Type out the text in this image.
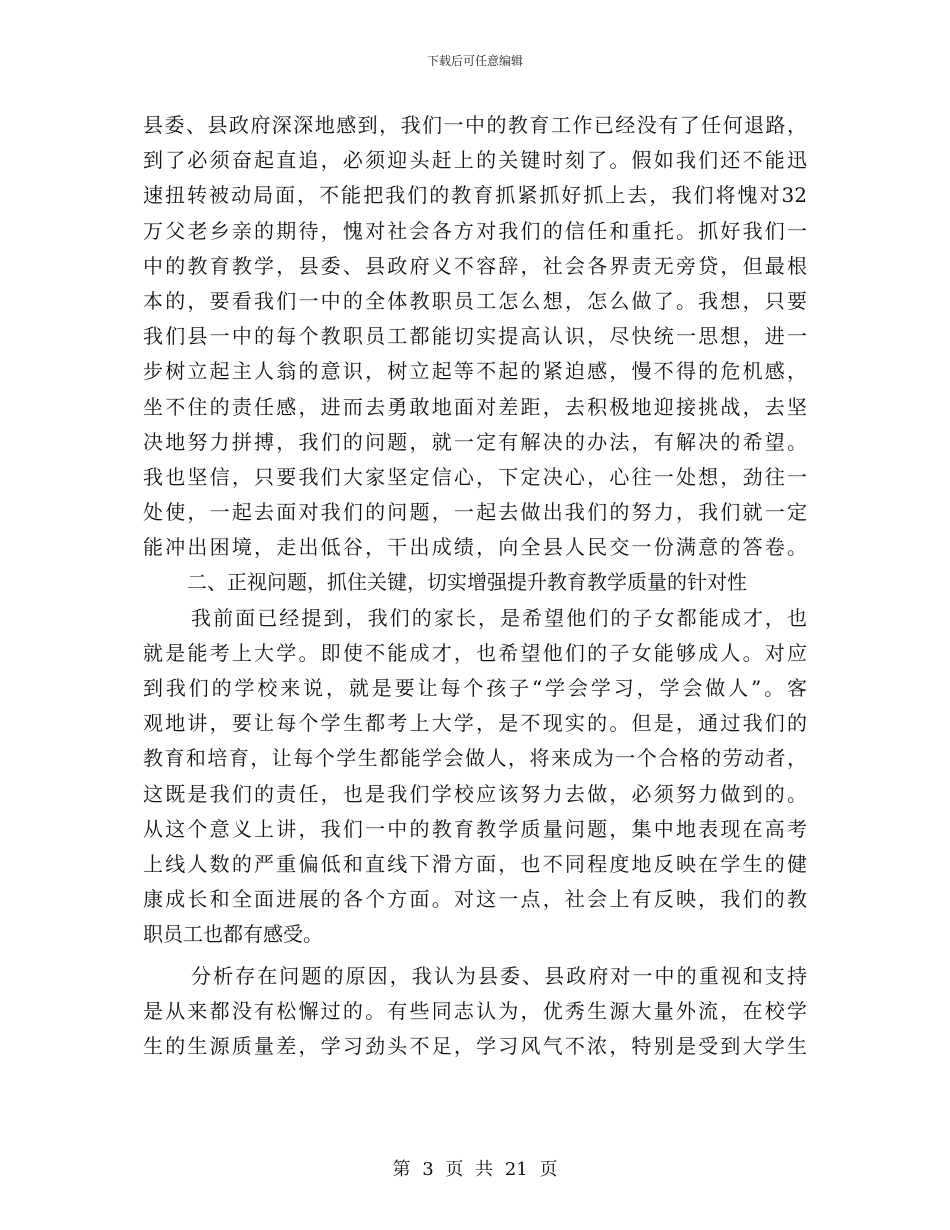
下载后可任意编辑
县委、县政府深深地感到，我们一中的教育工作已经没有了任何退路，
到了必须奋起直追，必须迎头赶上的关键时刻了。假如我们还不能迅
速扭转被动局面，不能把我们的教育抓紧抓好抓上去，我们将愧对32
万父老乡亲的期待，愧对社会各方对我们的信任和重托。抓好我们一
中的教育教学，县委、县政府义不容辞，社会各界责无旁贷，但最根
本的，要看我们一中的全体教职员工怎么想，怎么做了。我想，只要
我们县一中的每个教职员工都能切实提高认识，尽快统一思想，进一
步树立起主人翁的意识，树立起等不起的紧迫感，慢不得的危机感，
坐不住的责任感，进而去勇敢地面对差距，去积极地迎接挑战，去坚
决地努力拼搏，我们的问题，就一定有解决的办法，有解决的希望。
我也坚信，只要我们大家坚定信心，下定决心，心往一处想，劲往一
处使，一起去面对我们的问题，一起去做出我们的努力，我们就一定
能冲出困境，走出低谷，干出成绩，向全县人民交一份满意的答卷。
二、正视问题，抓住关键，切实增强提升教育教学质量的针对性
我前面已经提到，我们的家长，是希望他们的子女都能成才，也
就是能考上大学。即使不能成才，也希望他们的子女能够成人。对应
到我们的学校来说，就是要让每个孩子“学会学习，学会做人”。客
观地讲，要让每个学生都考上大学，是不现实的。但是，通过我们的
教育和培育，让每个学生都能学会做人，将来成为一个合格的劳动者，
这既是我们的责任，也是我们学校应该努力去做，必须努力做到的。
从这个意义上讲，我们一中的教育教学质量问题，集中地表现在高考
上线人数的严重偏低和直线下滑方面，也不同程度地反映在学生的健
康成长和全面进展的各个方面。对这一点，社会上有反映，我们的教
职员工也都有感受。
分析存在问题的原因，我认为县委、县政府对一中的重视和支持
是从来都没有松懈过的。有些同志认为，优秀生源大量外流，在校学
生的生源质量差，学习劲头不足，学习风气不浓，特别是受到大学生
第 3 页 共 21 页
